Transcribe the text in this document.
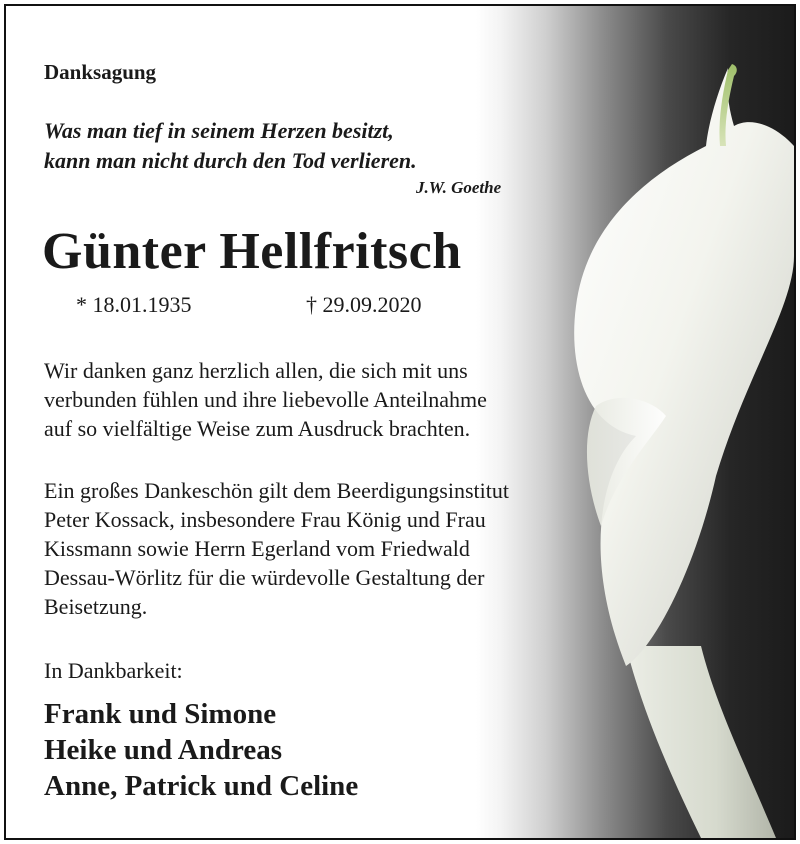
Danksagung

Was man tief in seinem Herzen besitzt,
kann man nicht durch den Tod verlieren.

J.W. Goethe
Günter Hellfritsch
* 18.01.1935	† 29.09.2020

Wir danken ganz herzlich allen, die sich mit uns
verbunden fühlen und ihre liebevolle Anteilnahme
auf so vielfältige Weise zum Ausdruck brachten.

Ein großes Dankeschön gilt dem Beerdigungsinstitut
Peter Kossack, insbesondere Frau König und Frau
Kissmann sowie Herrn Egerland vom Friedwald
Dessau-Wörlitz für die würdevolle Gestaltung der
Beisetzung.

In Dankbarkeit:
Frank und Simone
Heike und Andreas
Anne, Patrick und Celine
